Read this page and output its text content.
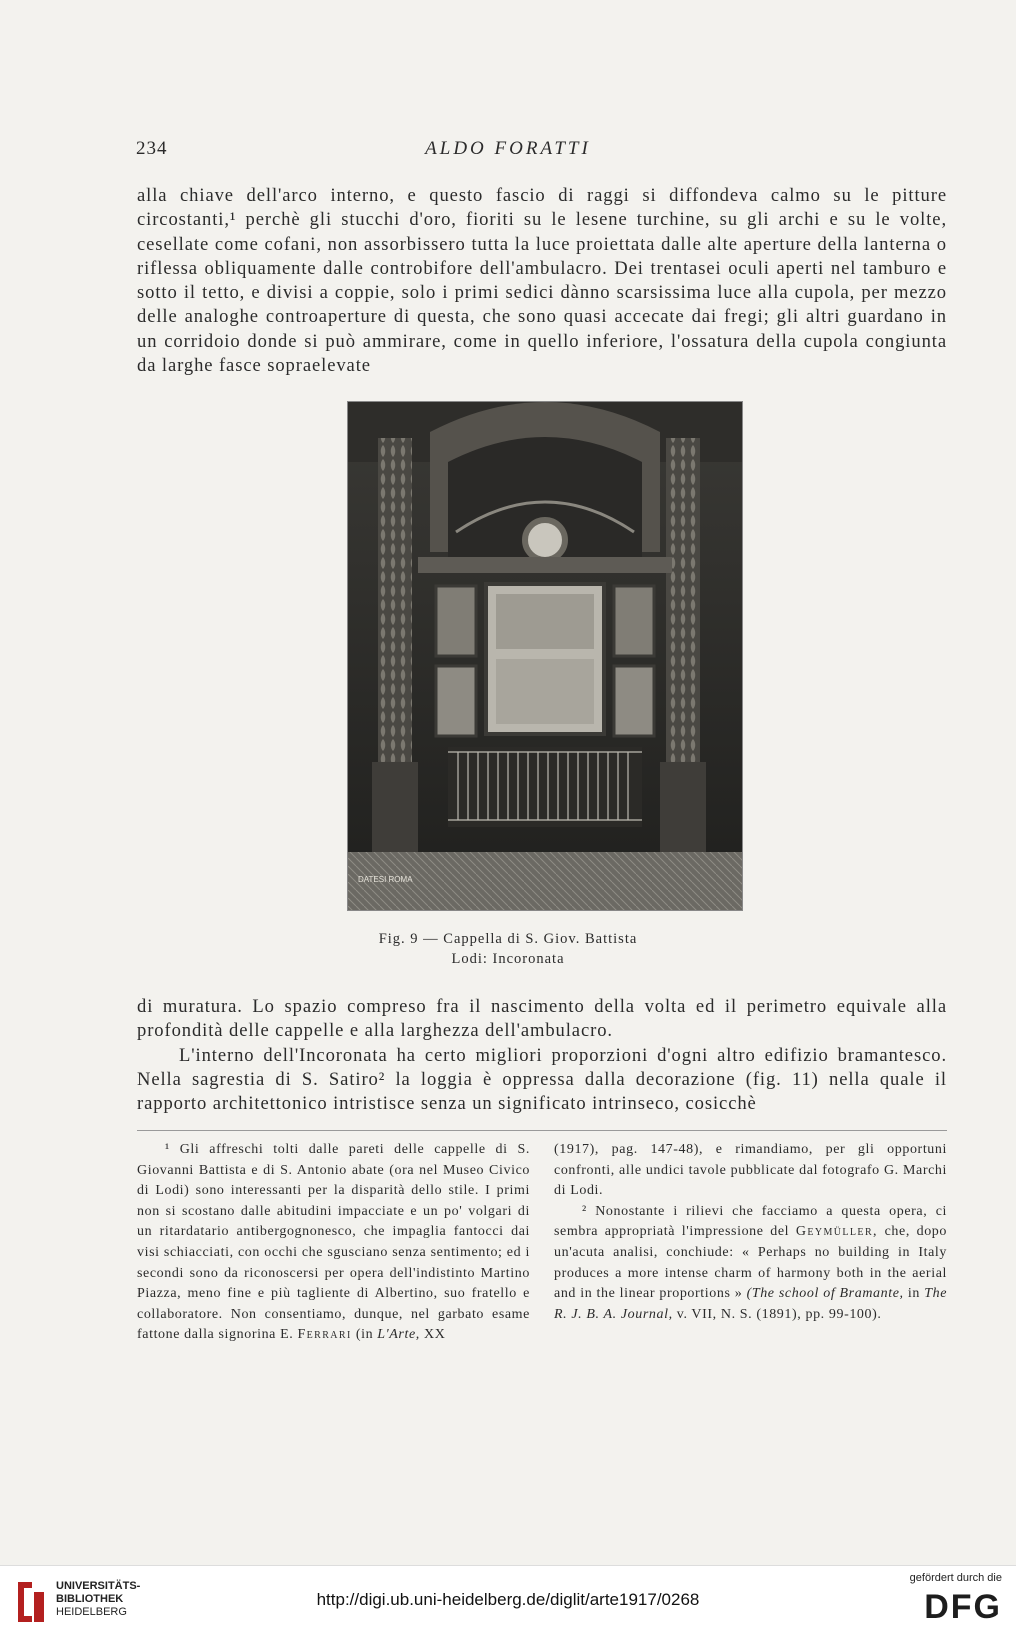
234	ALDO FORATTI

alla chiave dell'arco interno, e questo fascio di raggi si diffondeva calmo su le pitture circostanti,¹ perchè gli stucchi d'oro, fioriti su le lesene turchine, su gli archi e su le volte, cesellate come cofani, non assorbissero tutta la luce proiettata dalle alte aperture della lanterna o riflessa obliquamente dalle controbifore dell'ambulacro. Dei trentasei oculi aperti nel tamburo e sotto il tetto, e divisi a coppie, solo i primi sedici dànno scarsissima luce alla cupola, per mezzo delle analoghe controaperture di questa, che sono quasi accecate dai fregi; gli altri guardano in un corridoio donde si può ammirare, come in quello inferiore, l'ossatura della cupola congiunta da larghe fasce sopraelevate

DATESI ROMA
Fig. 9 — Cappella di S. Giov. Battista
Lodi: Incoronata

di muratura. Lo spazio compreso fra il nascimento della volta ed il perimetro equivale alla profondità delle cappelle e alla larghezza dell'ambulacro.

L'interno dell'Incoronata ha certo migliori proporzioni d'ogni altro edifizio bramantesco. Nella sagrestia di S. Satiro² la loggia è oppressa dalla decorazione (fig. 11) nella quale il rapporto architettonico intristisce senza un significato intrinseco, cosicchè

¹ Gli affreschi tolti dalle pareti delle cappelle di S. Giovanni Battista e di S. Antonio abate (ora nel Museo Civico di Lodi) sono interessanti per la disparità dello stile. I primi non si scostano dalle abitudini impacciate e un po' volgari di un ritardatario antibergognonesco, che impaglia fantocci dai visi schiacciati, con occhi che sgusciano senza sentimento; ed i secondi sono da riconoscersi per opera dell'indistinto Martino Piazza, meno fine e più tagliente di Albertino, suo fratello e collaboratore. Non consentiamo, dunque, nel garbato esame fattone dalla signorina E. Ferrari (in L'Arte, XX

(1917), pag. 147-48), e rimandiamo, per gli opportuni confronti, alle undici tavole pubblicate dal fotografo G. Marchi di Lodi.

² Nonostante i rilievi che facciamo a questa opera, ci sembra appropriatà l'impressione del Geymüller, che, dopo un'acuta analisi, conchiude: « Perhaps no building in Italy produces a more intense charm of harmony both in the aerial and in the linear proportions » (The school of Bramante, in The R. J. B. A. Journal, v. VII, N. S. (1891), pp. 99-100).

UNIVERSITÄTS-
BIBLIOTHEK
HEIDELBERG
http://digi.ub.uni-heidelberg.de/diglit/arte1917/0268
gefördert durch die
DFG
